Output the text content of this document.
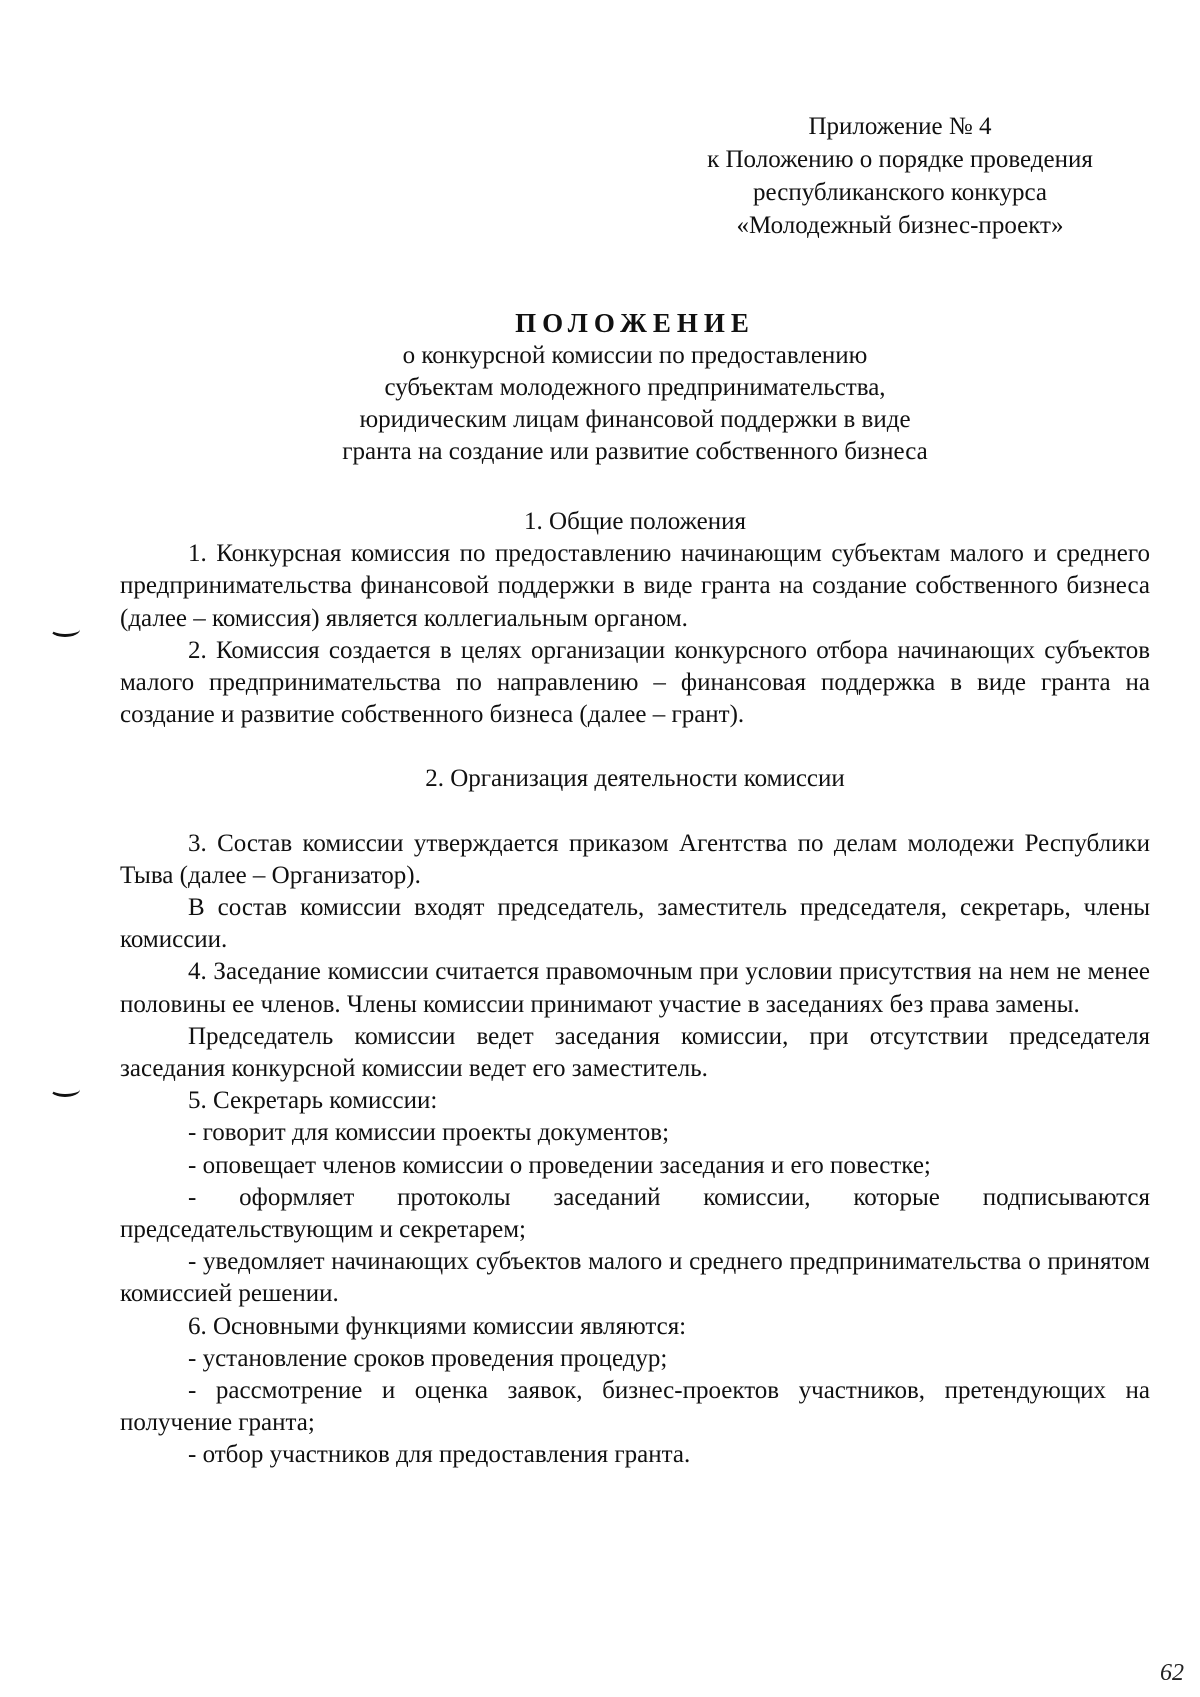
Приложение № 4
к Положению о порядке проведения
республиканского конкурса
«Молодежный бизнес-проект»
ПОЛОЖЕНИЕ
о конкурсной комиссии по предоставлению
субъектам молодежного предпринимательства,
юридическим лицам финансовой поддержки в виде
гранта на создание или развитие собственного бизнеса

1. Общие положения

1. Конкурсная комиссия по предоставлению начинающим субъектам малого и среднего предпринимательства финансовой поддержки в виде гранта на создание собственного бизнеса (далее – комиссия) является коллегиальным органом.

2. Комиссия создается в целях организации конкурсного отбора начинающих субъектов малого предпринимательства по направлению – финансовая поддержка в виде гранта на создание и развитие собственного бизнеса (далее – грант).

2. Организация деятельности комиссии

3. Состав комиссии утверждается приказом Агентства по делам молодежи Республики Тыва (далее – Организатор).

В состав комиссии входят председатель, заместитель председателя, секретарь, члены комиссии.

4. Заседание комиссии считается правомочным при условии присутствия на нем не менее половины ее членов. Члены комиссии принимают участие в заседаниях без права замены.

Председатель комиссии ведет заседания комиссии, при отсутствии председателя заседания конкурсной комиссии ведет его заместитель.

5. Секретарь комиссии:

- говорит для комиссии проекты документов;

- оповещает членов комиссии о проведении заседания и его повестке;

- оформляет протоколы заседаний комиссии, которые подписываются председательствующим и секретарем;

- уведомляет начинающих субъектов малого и среднего предпринимательства о принятом комиссией решении.

6. Основными функциями комиссии являются:

- установление сроков проведения процедур;

- рассмотрение и оценка заявок, бизнес-проектов участников, претендующих на получение гранта;

- отбор участников для предоставления гранта.

62
